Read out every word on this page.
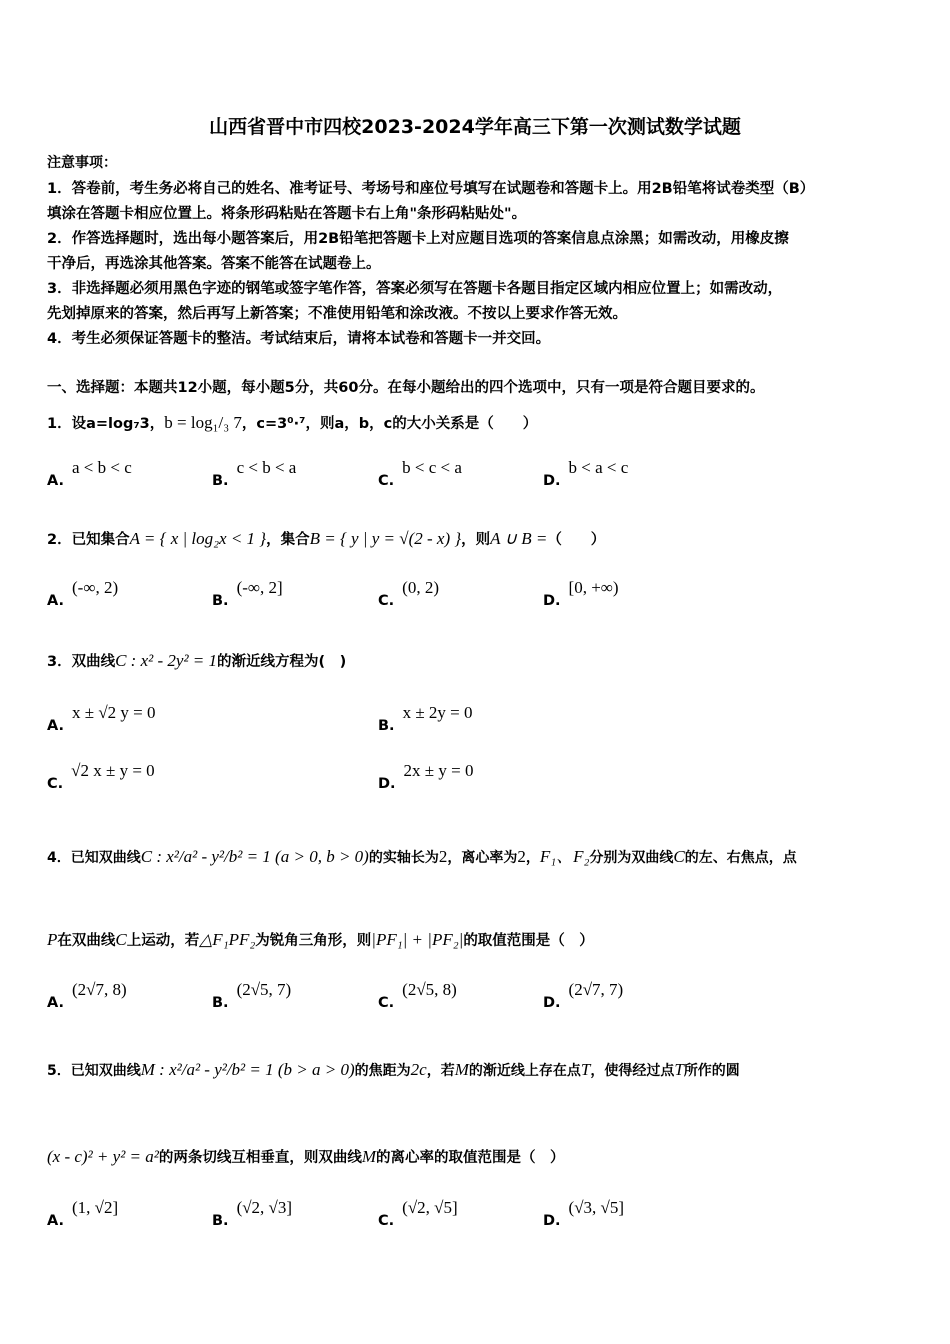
山西省晋中市四校2023-2024学年高三下第一次测试数学试题
注意事项：
1．答卷前，考生务必将自己的姓名、准考证号、考场号和座位号填写在试题卷和答题卡上。用2B铅笔将试卷类型（B）
填涂在答题卡相应位置上。将条形码粘贴在答题卡右上角"条形码粘贴处"。
2．作答选择题时，选出每小题答案后，用2B铅笔把答题卡上对应题目选项的答案信息点涂黑；如需改动，用橡皮擦
干净后，再选涂其他答案。答案不能答在试题卷上。
3．非选择题必须用黑色字迹的钢笔或签字笔作答，答案必须写在答题卡各题目指定区域内相应位置上；如需改动，
先划掉原来的答案，然后再写上新答案；不准使用铅笔和涂改液。不按以上要求作答无效。
4．考生必须保证答题卡的整洁。考试结束后，请将本试卷和答题卡一并交回。
一、选择题：本题共12小题，每小题5分，共60分。在每小题给出的四个选项中，只有一项是符合题目要求的。
1．设a=log₇3，b = log₁/₃ 7，c=3⁰·⁷，则a，b，c的大小关系是（　　）
A.a < b < c
B.c < b < a
C.b < c < a
D.b < a < c
2．已知集合A = { x | log₂x < 1 }，集合B = { y | y = √(2 - x) }，则A ∪ B =（　　）
A.(-∞, 2)
B.(-∞, 2]
C.(0, 2)
D.[0, +∞)
3．双曲线C : x² - 2y² = 1的渐近线方程为(　)
A.x ± √2 y = 0
B.x ± 2y = 0
C.√2 x ± y = 0
D.2x ± y = 0
4．已知双曲线C : x²/a² - y²/b² = 1 (a > 0, b > 0)的实轴长为2，离心率为2，F₁、F₂分别为双曲线C的左、右焦点，点
P在双曲线C上运动，若△F₁PF₂为锐角三角形，则|PF₁| + |PF₂|的取值范围是（　）
A.(2√7, 8)
B.(2√5, 7)
C.(2√5, 8)
D.(2√7, 7)
5．已知双曲线M : x²/a² - y²/b² = 1 (b > a > 0)的焦距为2c，若M的渐近线上存在点T，使得经过点T所作的圆
(x - c)² + y² = a²的两条切线互相垂直，则双曲线M的离心率的取值范围是（　）
A.(1, √2]
B.(√2, √3]
C.(√2, √5]
D.(√3, √5]
